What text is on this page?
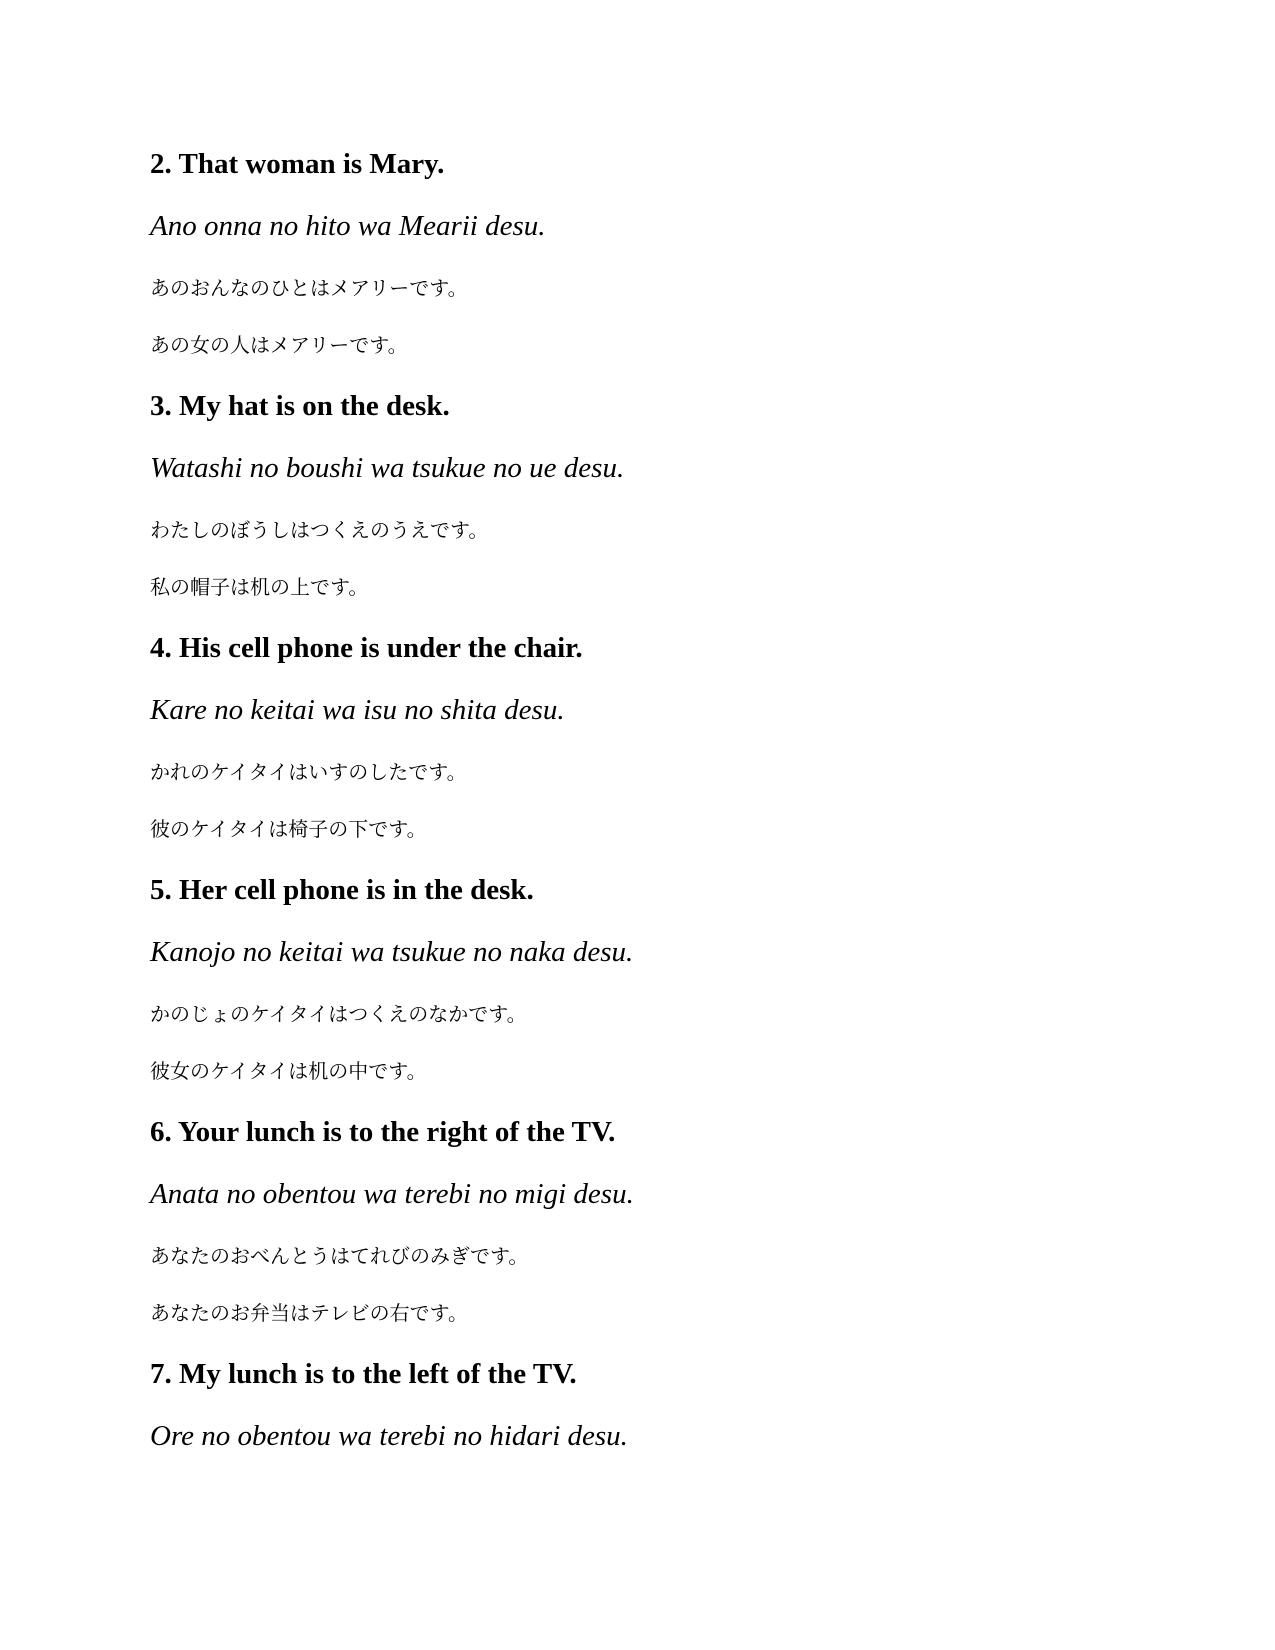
2. That woman is Mary.

Ano onna no hito wa Mearii desu.

あのおんなのひとはメアリーです。

あの女の人はメアリーです。

3. My hat is on the desk.

Watashi no boushi wa tsukue no ue desu.

わたしのぼうしはつくえのうえです。

私の帽子は机の上です。

4. His cell phone is under the chair.

Kare no keitai wa isu no shita desu.

かれのケイタイはいすのしたです。

彼のケイタイは椅子の下です。

5. Her cell phone is in the desk.

Kanojo no keitai wa tsukue no naka desu.

かのじょのケイタイはつくえのなかです。

彼女のケイタイは机の中です。

6. Your lunch is to the right of the TV.

Anata no obentou wa terebi no migi desu.

あなたのおべんとうはてれびのみぎです。

あなたのお弁当はテレビの右です。

7. My lunch is to the left of the TV.

Ore no obentou wa terebi no hidari desu.
